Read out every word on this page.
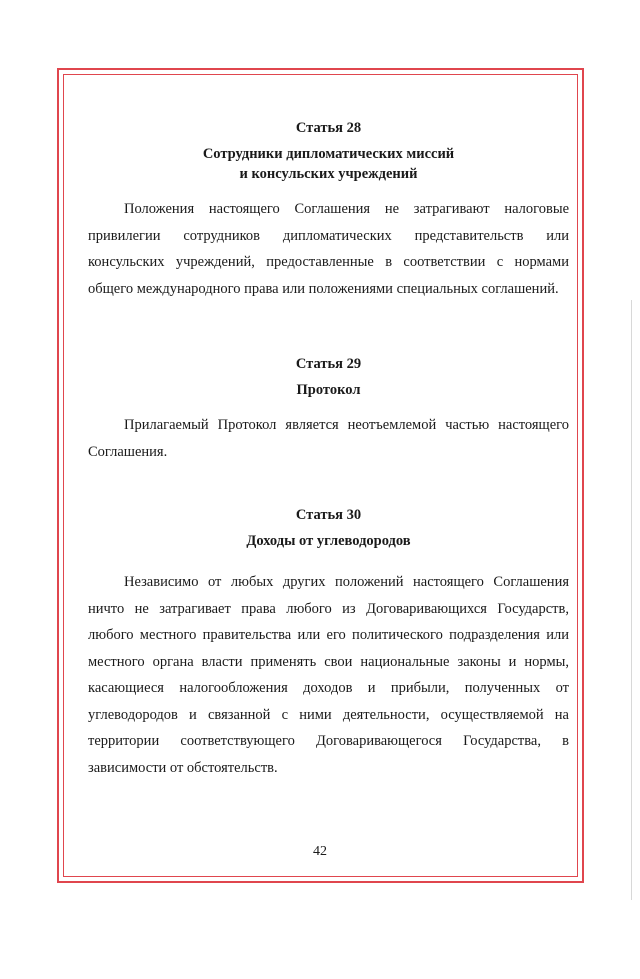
Статья 28

Сотрудники дипломатических миссий

и консульских учреждений

Положения настоящего Соглашения не затрагивают налоговые привилегии сотрудников дипломатических представительств или консульских учреждений, предоставленные в соответствии с нормами общего международного права или положениями специальных соглашений.

Статья 29

Протокол

Прилагаемый Протокол является неотъемлемой частью настоящего Соглашения.

Статья 30

Доходы от углеводородов

Независимо от любых других положений настоящего Соглашения ничто не затрагивает права любого из Договаривающихся Государств, любого местного правительства или его политического подразделения или местного органа власти применять свои национальные законы и нормы, касающиеся налогообложения доходов и прибыли, полученных от углеводородов и связанной с ними деятельности, осуществляемой на территории соответствующего Договаривающегося Государства, в зависимости от обстоятельств.

42
